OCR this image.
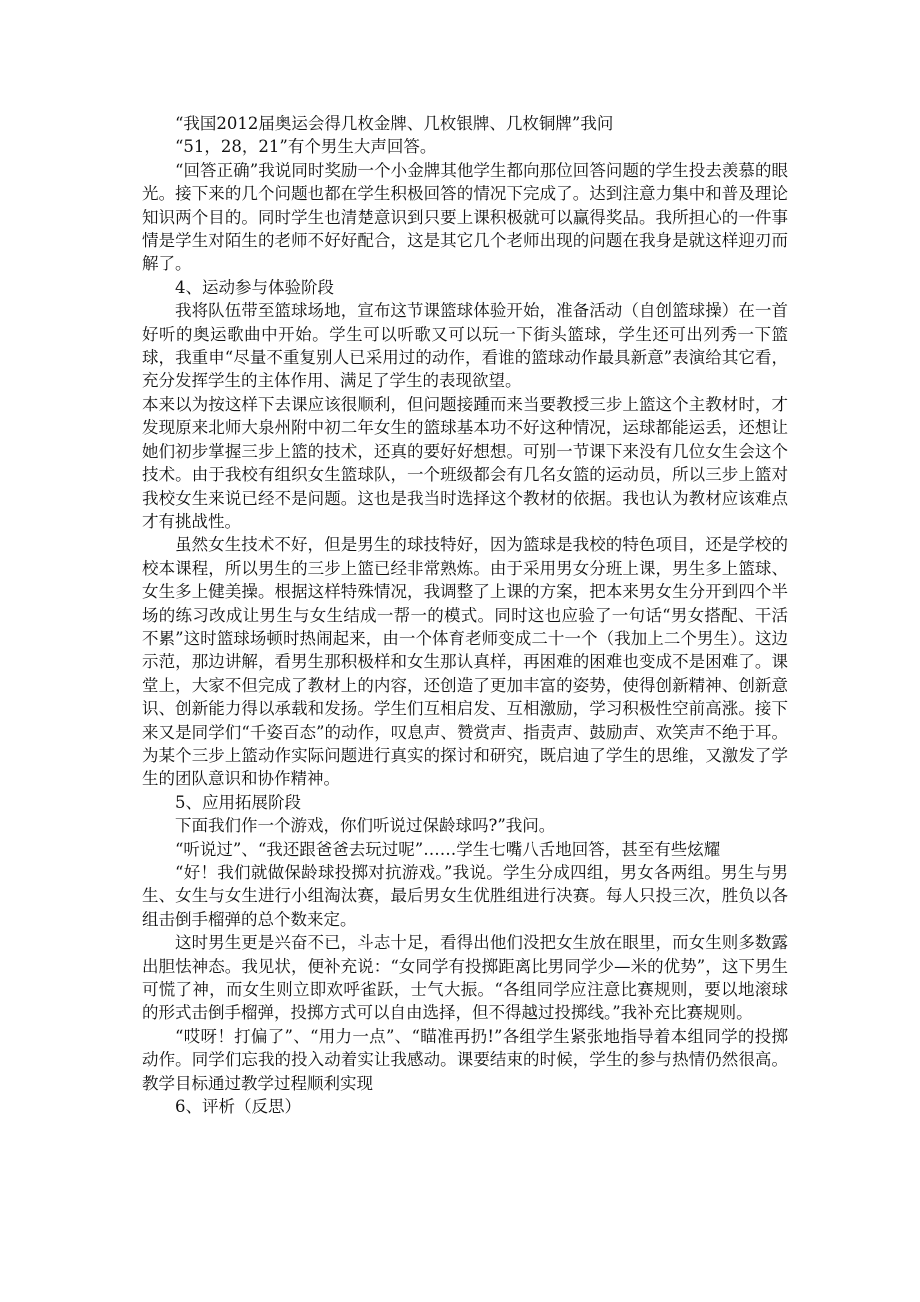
“我国2012届奥运会得几枚金牌、几枚银牌、几枚铜牌”我问

“51，28，21”有个男生大声回答。

“回答正确”我说同时奖励一个小金牌其他学生都向那位回答问题的学生投去羡慕的眼光。接下来的几个问题也都在学生积极回答的情况下完成了。达到注意力集中和普及理论知识两个目的。同时学生也清楚意识到只要上课积极就可以赢得奖品。我所担心的一件事情是学生对陌生的老师不好好配合，这是其它几个老师出现的问题在我身是就这样迎刃而解了。

4、运动参与体验阶段

我将队伍带至篮球场地，宣布这节课篮球体验开始，准备活动（自创篮球操）在一首好听的奥运歌曲中开始。学生可以听歌又可以玩一下街头篮球，学生还可出列秀一下篮球，我重申“尽量不重复别人已采用过的动作，看谁的篮球动作最具新意”表演给其它看，充分发挥学生的主体作用、满足了学生的表现欲望。

本来以为按这样下去课应该很顺利，但问题接踵而来当要教授三步上篮这个主教材时，才发现原来北师大泉州附中初二年女生的篮球基本功不好这种情况，运球都能运丢，还想让她们初步掌握三步上篮的技术，还真的要好好想想。可别一节课下来没有几位女生会这个技术。由于我校有组织女生篮球队，一个班级都会有几名女篮的运动员，所以三步上篮对我校女生来说已经不是问题。这也是我当时选择这个教材的依据。我也认为教材应该难点才有挑战性。

虽然女生技术不好，但是男生的球技特好，因为篮球是我校的特色项目，还是学校的校本课程，所以男生的三步上篮已经非常熟炼。由于采用男女分班上课，男生多上篮球、女生多上健美操。根据这样特殊情况，我调整了上课的方案，把本来男女生分开到四个半场的练习改成让男生与女生结成一帮一的模式。同时这也应验了一句话“男女搭配、干活不累”这时篮球场顿时热闹起来，由一个体育老师变成二十一个（我加上二个男生）。这边示范，那边讲解，看男生那积极样和女生那认真样，再困难的困难也变成不是困难了。课堂上，大家不但完成了教材上的内容，还创造了更加丰富的姿势，使得创新精神、创新意识、创新能力得以承载和发扬。学生们互相启发、互相激励，学习积极性空前高涨。接下来又是同学们“千姿百态”的动作，叹息声、赞赏声、指责声、鼓励声、欢笑声不绝于耳。为某个三步上篮动作实际问题进行真实的探讨和研究，既启迪了学生的思维，又激发了学生的团队意识和协作精神。

5、应用拓展阶段

下面我们作一个游戏，你们听说过保龄球吗?”我问。

“听说过”、“我还跟爸爸去玩过呢”……学生七嘴八舌地回答，甚至有些炫耀

“好！我们就做保龄球投掷对抗游戏。”我说。学生分成四组，男女各两组。男生与男生、女生与女生进行小组淘汰赛，最后男女生优胜组进行决赛。每人只投三次，胜负以各组击倒手榴弹的总个数来定。

这时男生更是兴奋不已，斗志十足，看得出他们没把女生放在眼里，而女生则多数露出胆怯神态。我见状，便补充说：“女同学有投掷距离比男同学少—米的优势”，这下男生可慌了神，而女生则立即欢呼雀跃，士气大振。“各组同学应注意比赛规则，要以地滚球的形式击倒手榴弹，投掷方式可以自由选择，但不得越过投掷线。”我补充比赛规则。

“哎呀！打偏了”、“用力一点”、“瞄准再扔!”各组学生紧张地指导着本组同学的投掷动作。同学们忘我的投入动着实让我感动。课要结束的时候，学生的参与热情仍然很高。教学目标通过教学过程顺利实现

6、评析（反思）
